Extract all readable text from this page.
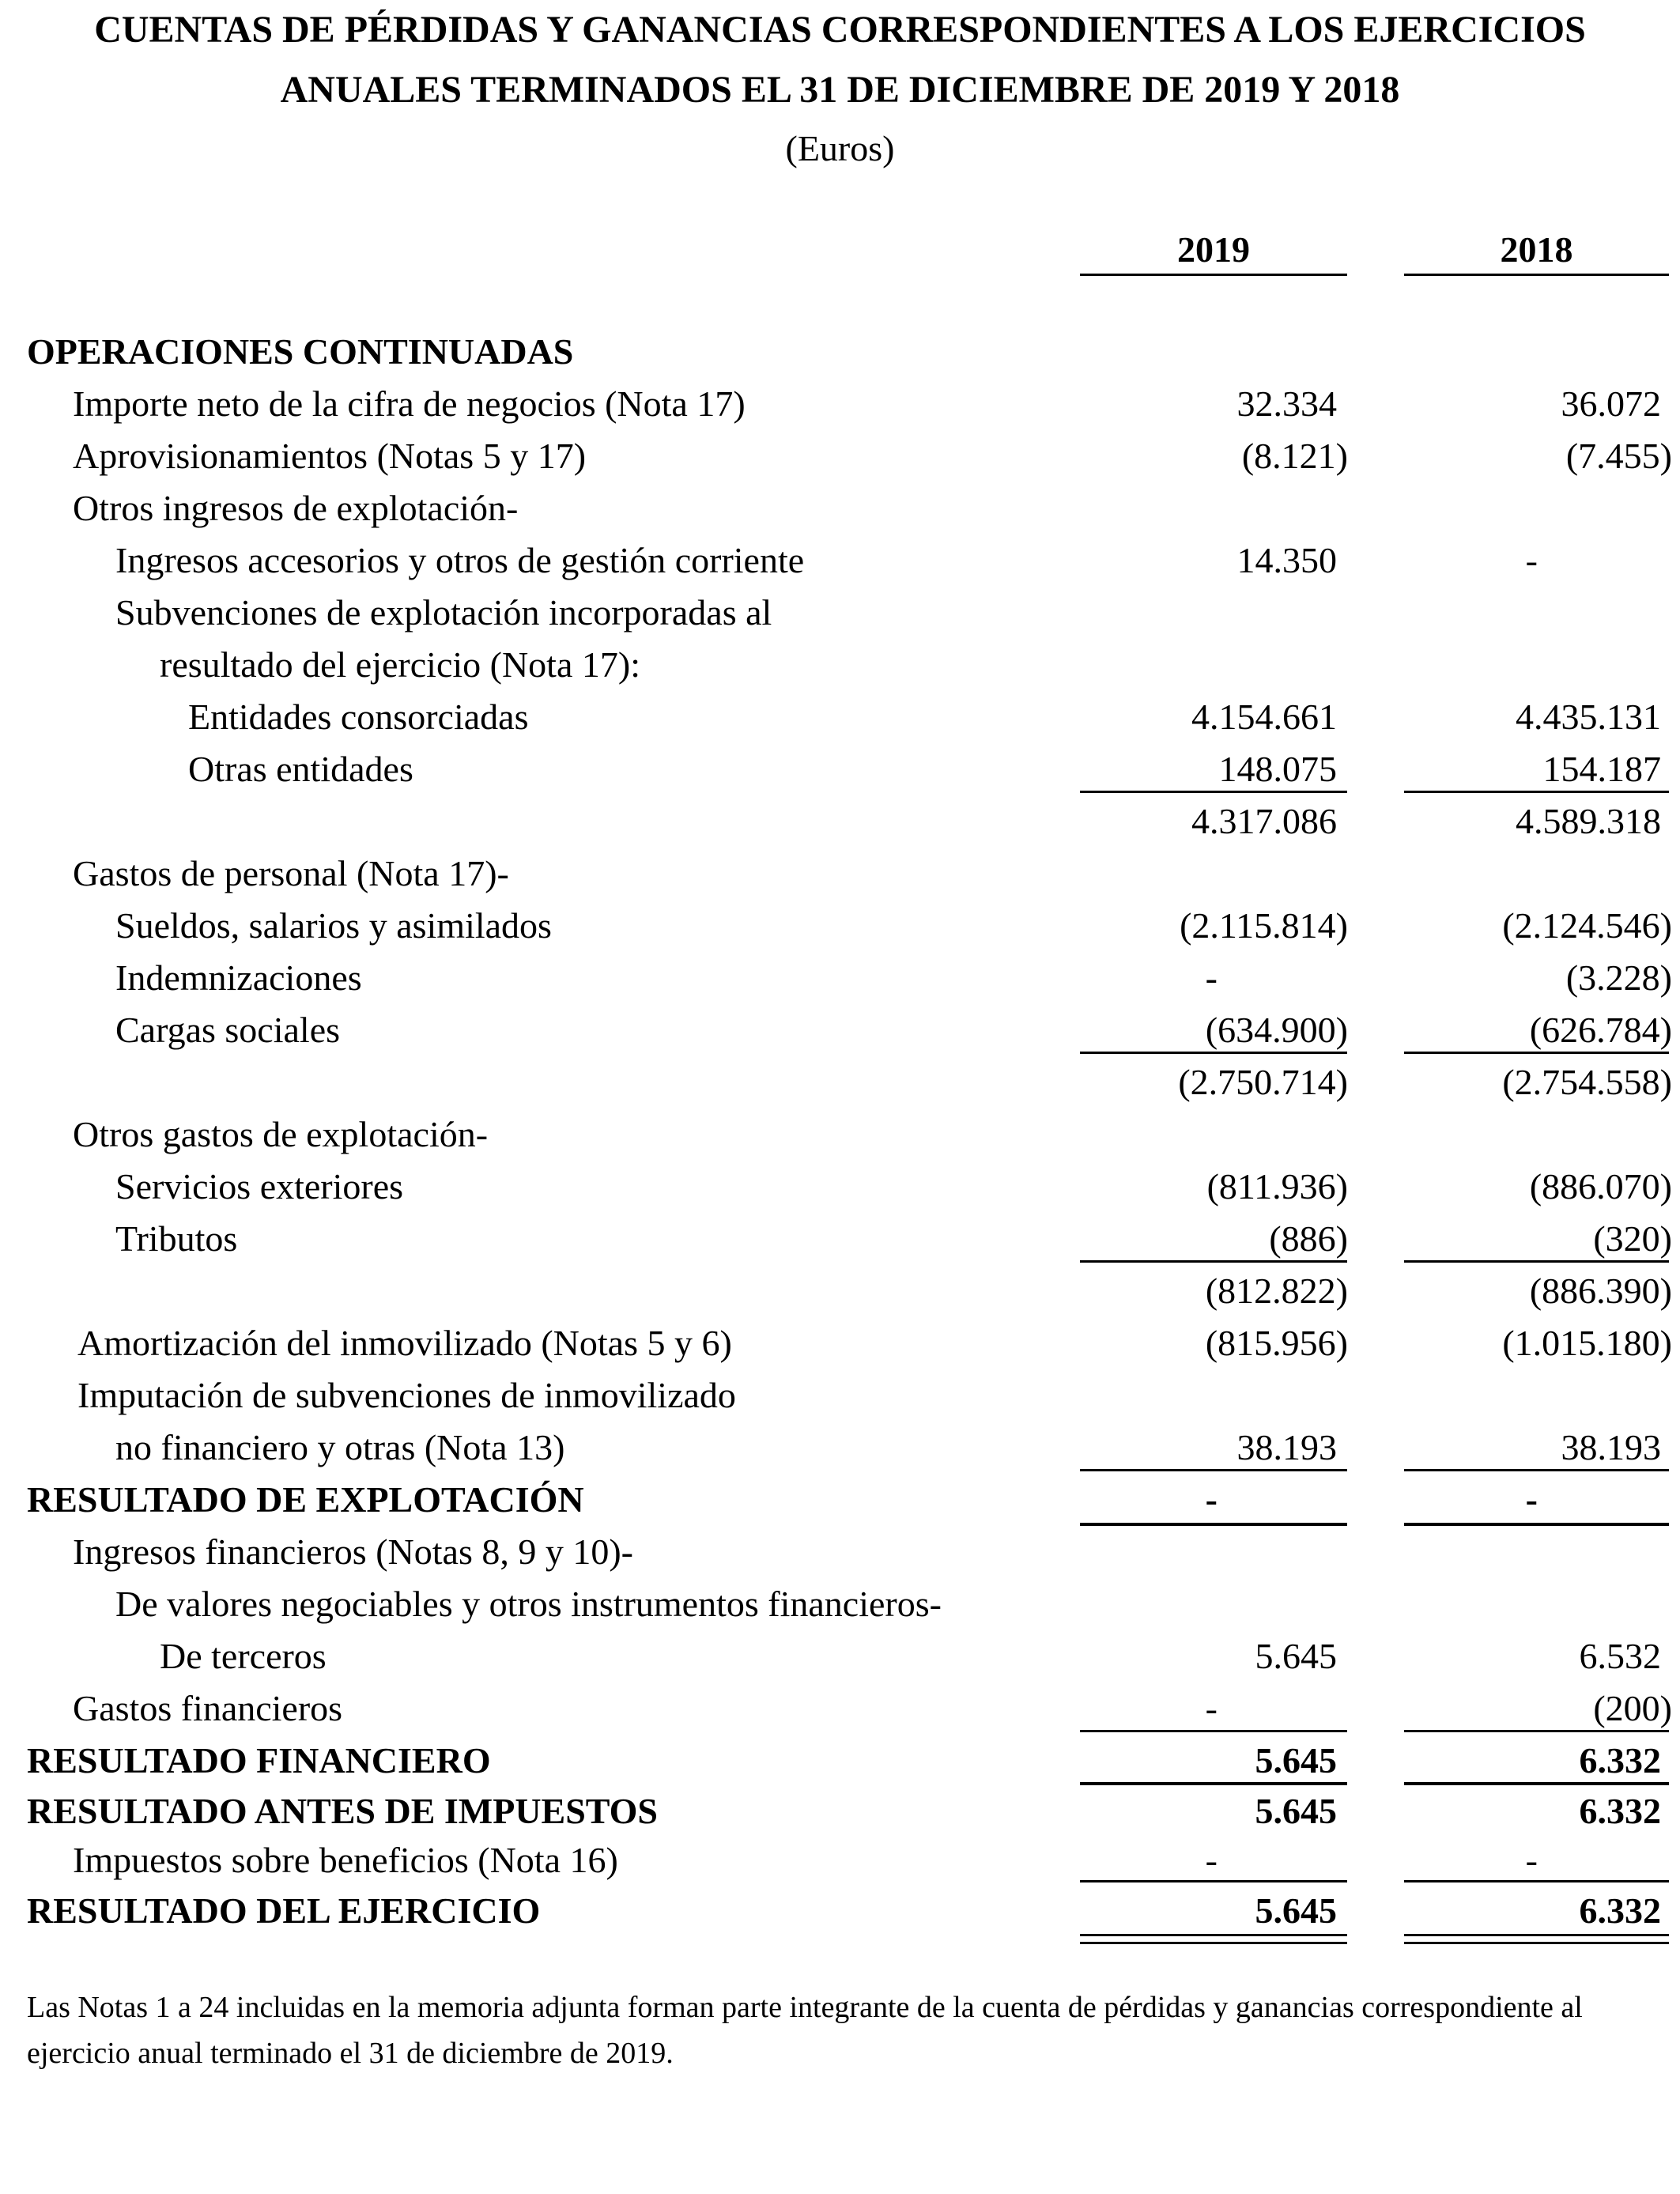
CUENTAS DE PÉRDIDAS Y GANANCIAS CORRESPONDIENTES A LOS EJERCICIOS
ANUALES TERMINADOS EL 31 DE DICIEMBRE DE 2019 Y 2018
(Euros)
2019	2018
OPERACIONES CONTINUADAS
Importe neto de la cifra de negocios (Nota 17)	32.334	36.072
Aprovisionamientos (Notas 5 y 17)	(8.121)	(7.455)
Otros ingresos de explotación-
Ingresos accesorios y otros de gestión corriente	14.350	-
Subvenciones de explotación incorporadas al
resultado del ejercicio (Nota 17):
Entidades consorciadas	4.154.661	4.435.131
Otras entidades	148.075	154.187
4.317.086	4.589.318
Gastos de personal (Nota 17)-
Sueldos, salarios y asimilados	(2.115.814)	(2.124.546)
Indemnizaciones	-	(3.228)
Cargas sociales	(634.900)	(626.784)
(2.750.714)	(2.754.558)
Otros gastos de explotación-
Servicios exteriores	(811.936)	(886.070)
Tributos	(886)	(320)
(812.822)	(886.390)
Amortización del inmovilizado (Notas 5 y 6)	(815.956)	(1.015.180)
Imputación de subvenciones de inmovilizado
no financiero y otras (Nota 13)	38.193	38.193
RESULTADO DE EXPLOTACIÓN	-	-
Ingresos financieros (Notas 8, 9 y 10)-
De valores negociables y otros instrumentos financieros-
De terceros	5.645	6.532
Gastos financieros	-	(200)
RESULTADO FINANCIERO	5.645	6.332
RESULTADO ANTES DE IMPUESTOS	5.645	6.332
Impuestos sobre beneficios (Nota 16)	-	-
RESULTADO DEL EJERCICIO	5.645	6.332
Las Notas 1 a 24 incluidas en la memoria adjunta forman parte integrante de la cuenta de pérdidas y ganancias correspondiente al ejercicio anual terminado el 31 de diciembre de 2019.
